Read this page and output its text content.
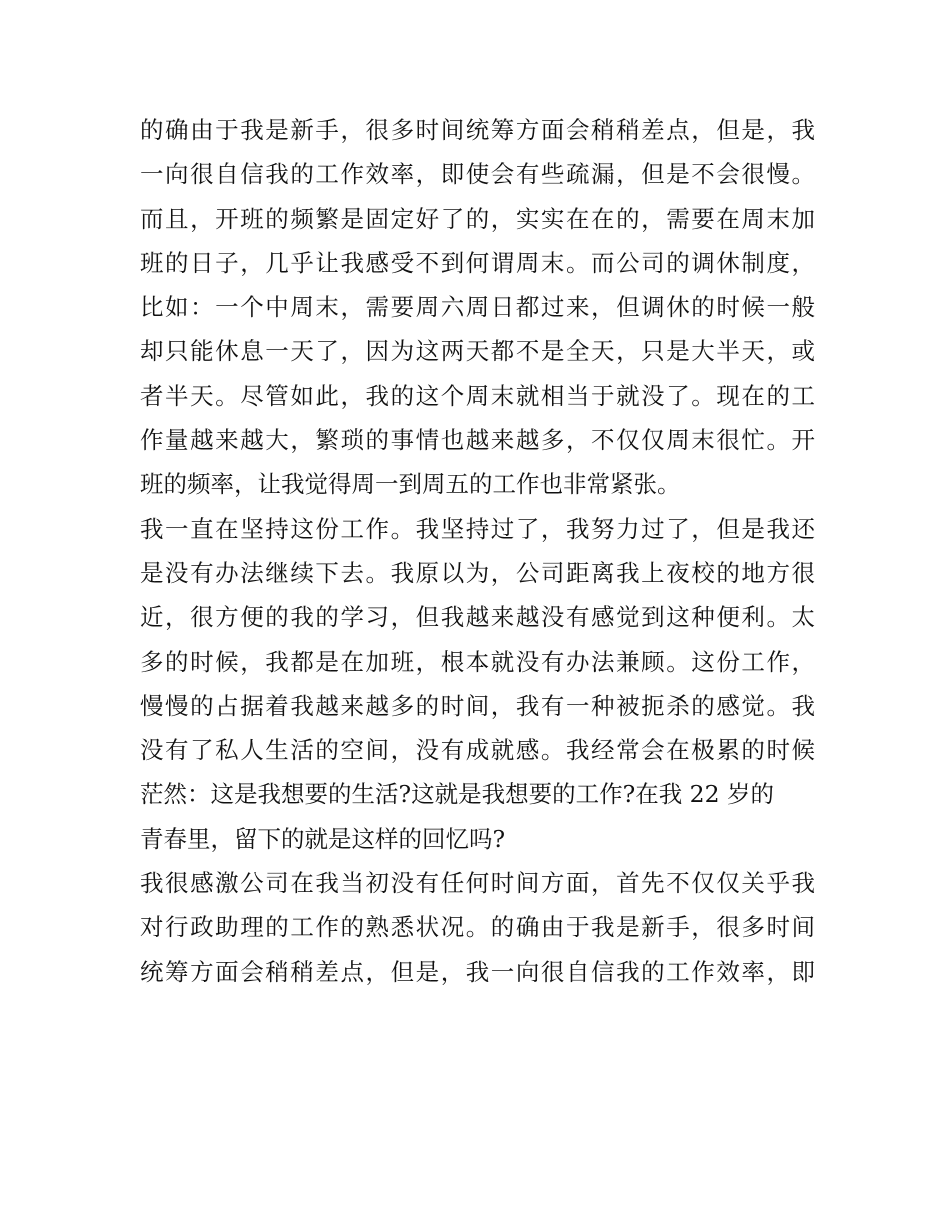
的确由于我是新手，很多时间统筹方面会稍稍差点，但是，我
一向很自信我的工作效率，即使会有些疏漏，但是不会很慢。
而且，开班的频繁是固定好了的，实实在在的，需要在周末加
班的日子，几乎让我感受不到何谓周末。而公司的调休制度，
比如：一个中周末，需要周六周日都过来，但调休的时候一般
却只能休息一天了，因为这两天都不是全天，只是大半天，或
者半天。尽管如此，我的这个周末就相当于就没了。现在的工
作量越来越大，繁琐的事情也越来越多，不仅仅周末很忙。开
班的频率，让我觉得周一到周五的工作也非常紧张。
我一直在坚持这份工作。我坚持过了，我努力过了，但是我还
是没有办法继续下去。我原以为，公司距离我上夜校的地方很
近，很方便的我的学习，但我越来越没有感觉到这种便利。太
多的时候，我都是在加班，根本就没有办法兼顾。这份工作，
慢慢的占据着我越来越多的时间，我有一种被扼杀的感觉。我
没有了私人生活的空间，没有成就感。我经常会在极累的时候
茫然：这是我想要的生活?这就是我想要的工作?在我 22 岁的
青春里，留下的就是这样的回忆吗?
我很感激公司在我当初没有任何时间方面，首先不仅仅关乎我
对行政助理的工作的熟悉状况。的确由于我是新手，很多时间
统筹方面会稍稍差点，但是，我一向很自信我的工作效率，即
